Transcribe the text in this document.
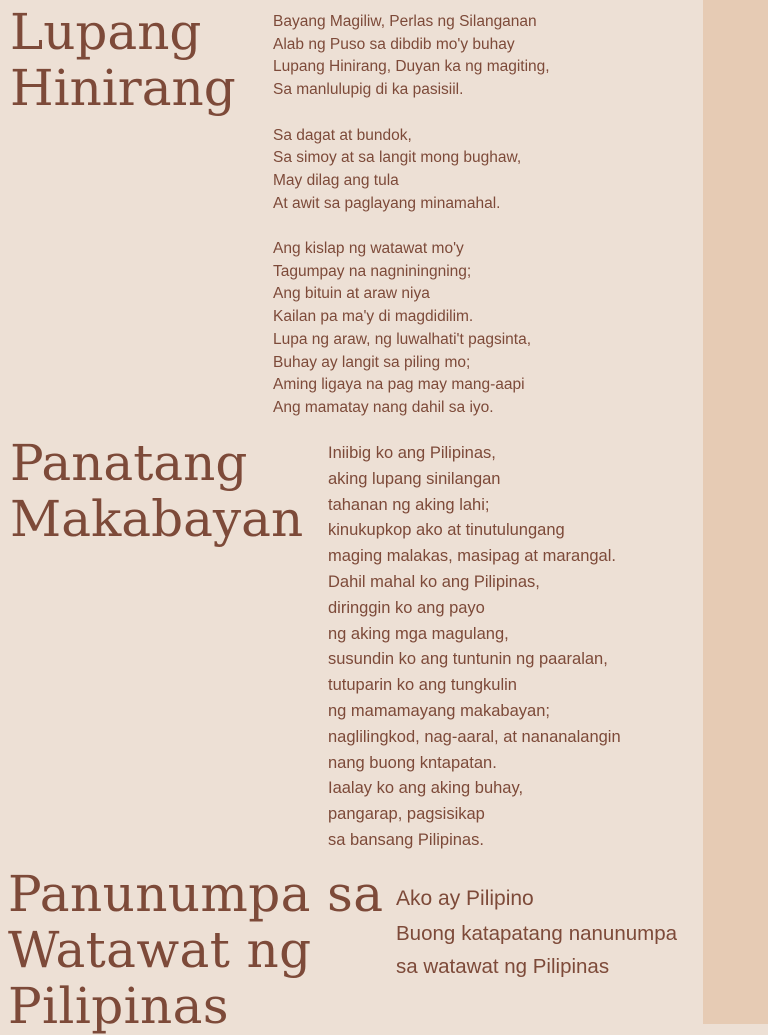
Lupang
Hinirang
Bayang Magiliw, Perlas ng Silanganan
Alab ng Puso sa dibdib mo'y buhay
Lupang Hinirang, Duyan ka ng magiting,
Sa manlulupig di ka pasisiil.
Sa dagat at bundok,
Sa simoy at sa langit mong bughaw,
May dilag ang tula
At awit sa paglayang minamahal.
Ang kislap ng watawat mo'y
Tagumpay na nagniningning;
Ang bituin at araw niya
Kailan pa ma'y di magdidilim.
Lupa ng araw, ng luwalhati't pagsinta,
Buhay ay langit sa piling mo;
Aming ligaya na pag may mang-aapi
Ang mamatay nang dahil sa iyo.
Panatang
Makabayan
Iniibig ko ang Pilipinas,
aking lupang sinilangan
tahanan ng aking lahi;
kinukupkop ako at tinutulungang
maging malakas, masipag at marangal.
Dahil mahal ko ang Pilipinas,
diringgin ko ang payo
ng aking mga magulang,
susundin ko ang tuntunin ng paaralan,
tutuparin ko ang tungkulin
ng mamamayang makabayan;
naglilingkod, nag-aaral, at nananalangin
nang buong kntapatan.
Iaalay ko ang aking buhay,
pangarap, pagsisikap
sa bansang Pilipinas.
Panunumpa sa
Watawat ng
Pilipinas

Ako ay Pilipino

Buong katapatang nanunumpa sa watawat ng Pilipinas
